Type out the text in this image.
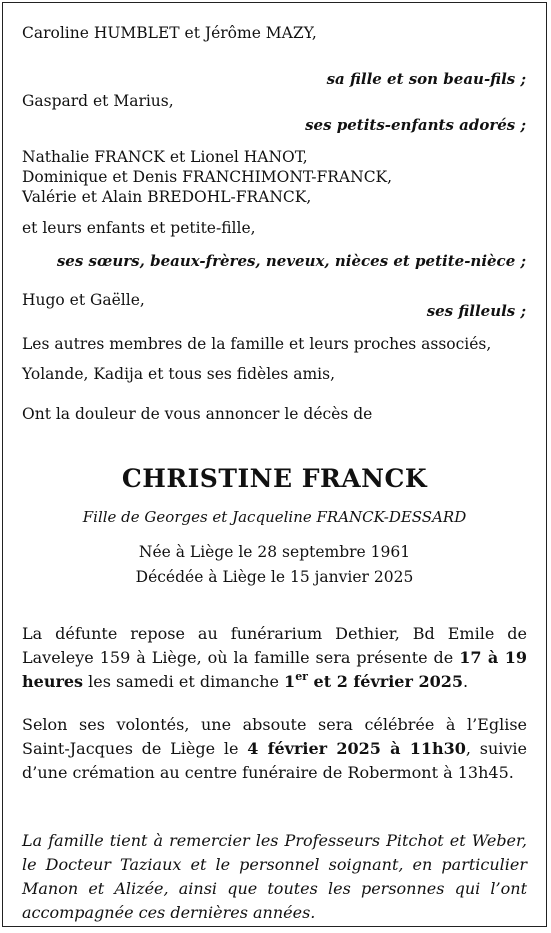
Caroline HUMBLET et Jérôme MAZY,
sa fille et son beau-fils ;
Gaspard et Marius,
ses petits-enfants adorés ;
Nathalie FRANCK et Lionel HANOT,
Dominique et Denis FRANCHIMONT-FRANCK,
Valérie et Alain BREDOHL-FRANCK,
et leurs enfants et petite-fille,
ses sœurs, beaux-frères, neveux, nièces et petite-nièce ;
Hugo et Gaëlle,
ses filleuls ;
Les autres membres de la famille et leurs proches associés,
Yolande, Kadija et tous ses fidèles amis,
Ont la douleur de vous annoncer le décès de
CHRISTINE FRANCK
Fille de Georges et Jacqueline FRANCK-DESSARD
Née à Liège le 28 septembre 1961
Décédée à Liège le 15 janvier 2025
La défunte repose au funérarium Dethier, Bd Emile de Laveleye 159 à Liège, où la famille sera présente de 17 à 19 heures les samedi et dimanche 1er et 2 février 2025.
Selon ses volontés, une absoute sera célébrée à l’Eglise Saint-Jacques de Liège le 4 février 2025 à 11h30, suivie d’une crémation au centre funéraire de Robermont à 13h45.
La famille tient à remercier les Professeurs Pitchot et Weber, le Docteur Taziaux et le personnel soignant, en particulier Manon et Alizée, ainsi que toutes les personnes qui l’ont accompagnée ces dernières années.
